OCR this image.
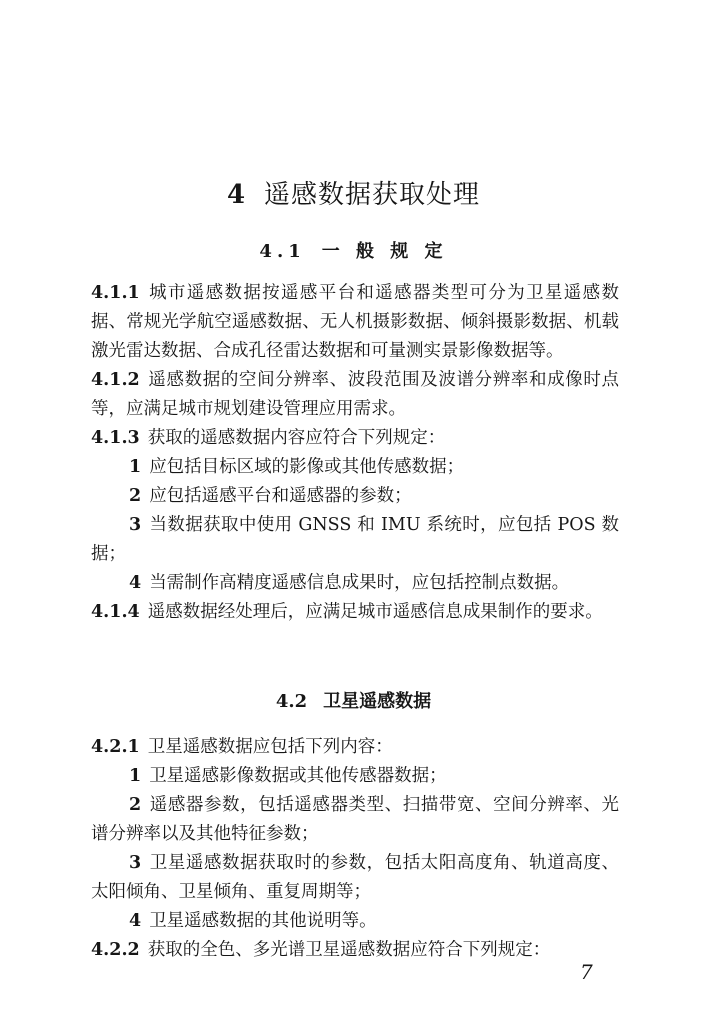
4 遥感数据获取处理
4.1 一 般 规 定

4.1.1 城市遥感数据按遥感平台和遥感器类型可分为卫星遥感数据、常规光学航空遥感数据、无人机摄影数据、倾斜摄影数据、机载激光雷达数据、合成孔径雷达数据和可量测实景影像数据等。

4.1.2 遥感数据的空间分辨率、波段范围及波谱分辨率和成像时点等，应满足城市规划建设管理应用需求。

4.1.3 获取的遥感数据内容应符合下列规定：

1 应包括目标区域的影像或其他传感数据；

2 应包括遥感平台和遥感器的参数；

3 当数据获取中使用 GNSS 和 IMU 系统时，应包括 POS 数据；

4 当需制作高精度遥感信息成果时，应包括控制点数据。

4.1.4 遥感数据经处理后，应满足城市遥感信息成果制作的要求。

4.2 卫星遥感数据

4.2.1 卫星遥感数据应包括下列内容：

1 卫星遥感影像数据或其他传感器数据；

2 遥感器参数，包括遥感器类型、扫描带宽、空间分辨率、光谱分辨率以及其他特征参数；

3 卫星遥感数据获取时的参数，包括太阳高度角、轨道高度、太阳倾角、卫星倾角、重复周期等；

4 卫星遥感数据的其他说明等。

4.2.2 获取的全色、多光谱卫星遥感数据应符合下列规定：

7
